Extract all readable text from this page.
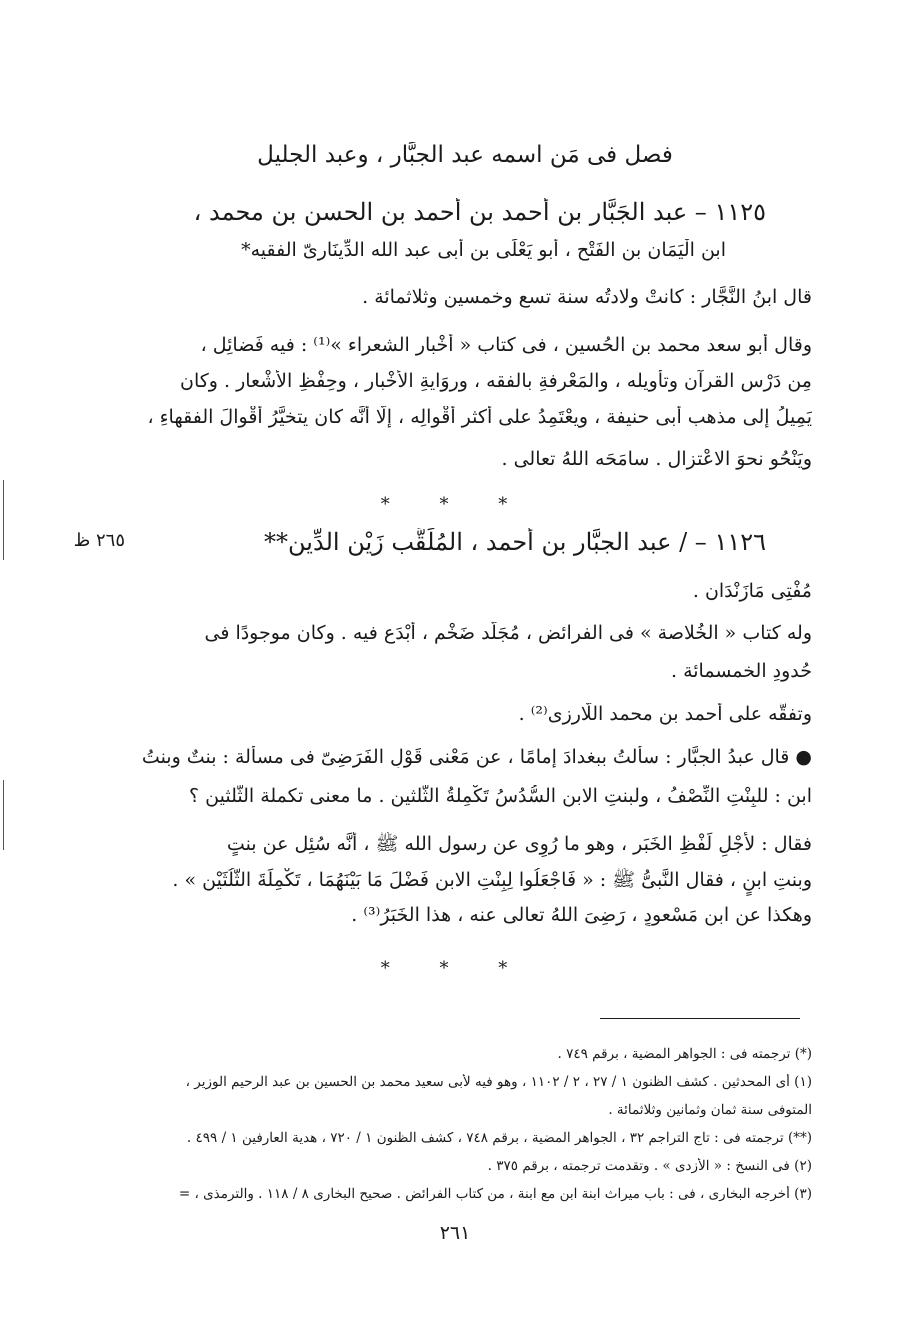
فصل فى مَن اسمه عبد الجبَّار ، وعبد الجليل
١١٢٥ – عبد الجَبَّار بن أحمد بن أحمد بن الحسن بن محمد ،
ابن الْيَمَان بن الفَتْح ، أبو يَعْلَى بن أبى عبد الله الدِّينَارِىّ الفقيه*
قال ابنُ النَّجَّار : كانتْ ولادتُه سنة تسعٍ وخمسين وثلاثمائة .
وقال أبو سعد محمد بن الحُسين ، فى كتاب « أخْبار الشعراء »⁽¹⁾ : فيه فَضائِل ،
مِن دَرْس القرآن وتأْوِيله ، والمَعْرفةِ بالفقه ، ورِوَايةِ الأَخْبار ، وحِفْظِ الأَشْعار . وكان
يَمِيلُ إلى مذهب أبى حنيفة ، ويعْتَمِدُ على أكثرِ أقْوالِه ، إلَّا أنَّه كان يتخيَّرُ أقْوالَ الفقهاءِ ،
ويَنْحُو نحوَ الاعْتزال . سامَحَه اللهُ تعالى .
* * *
٢٦٥ ظ	١١٢٦ – / عبد الجبَّار بن أحمد ، المُلَقَّب زَيْن الدِّين**
مُفْتِى مَازَنْدَان .
وله كتاب « الخُلاصة » فى الفرائض ، مُجَلَّد ضَخْم ، أَبْدَع فيه . وكان موجودًا فى
حُدودِ الخمسمائة .
وتفقَّه على أحمد بن محمد اللَّارِزِى⁽²⁾ .
● قال عبدُ الجبَّار : سألتُ ببغدادَ إمامًا ، عن مَعْنى قَوْلِ الفَرَضِىّ فى مسألة : بنتٌ وبنتُ
ابنٍ : للبِنْتِ النِّصْفُ ، ولبنتِ الابن السُّدُسُ تَكْمِلةُ الثُّلثين . ما معنى تكملة الثُّلثين ؟
فقال : لأجْلِ لَفْظِ الخَبَر ، وهو ما رُوِى عن رسول الله ﷺ ، أنَّه سُئِل عن بنتٍ
وبنتِ ابنٍ ، فقال النَّبىُّ ﷺ : « فَاجْعَلُوا لِبِنْتِ الابن فَضْلَ مَا بَيْنَهُمَا ، تَكْمِلَةَ الثُّلُثَيْن » .
وهكذا عن ابن مَسْعودٍ ، رَضِىَ اللهُ تعالى عنه ، هذا الخَبَرُ⁽³⁾ .
* * *
(*) ترجمته فى : الجواهر المضية ، برقم ٧٤٩ .
(١) أى المحدثين . كشف الظنون ١ / ٢٧ ، ٢ / ١١٠٢ ، وهو فيه لأبى سعيد محمد بن الحسين بن عبد الرحيم الوزير ،
المتوفى سنة ثمان وثمانين وثلاثمائة .
(**) ترجمته فى : تاج التراجم ٣٢ ، الجواهر المضية ، برقم ٧٤٨ ، كشف الظنون ١ / ٧٢٠ ، هدية العارفين ١ / ٤٩٩ .
(٢) فى النسخ : « الأزدى » . وتقدمت ترجمته ، برقم ٣٧٥ .
(٣) أخرجه البخارى ، فى : باب ميراث ابنة ابن مع ابنة ، من كتاب الفرائض . صحيح البخارى ٨ / ١١٨ . والترمذى ، =
٢٦١
